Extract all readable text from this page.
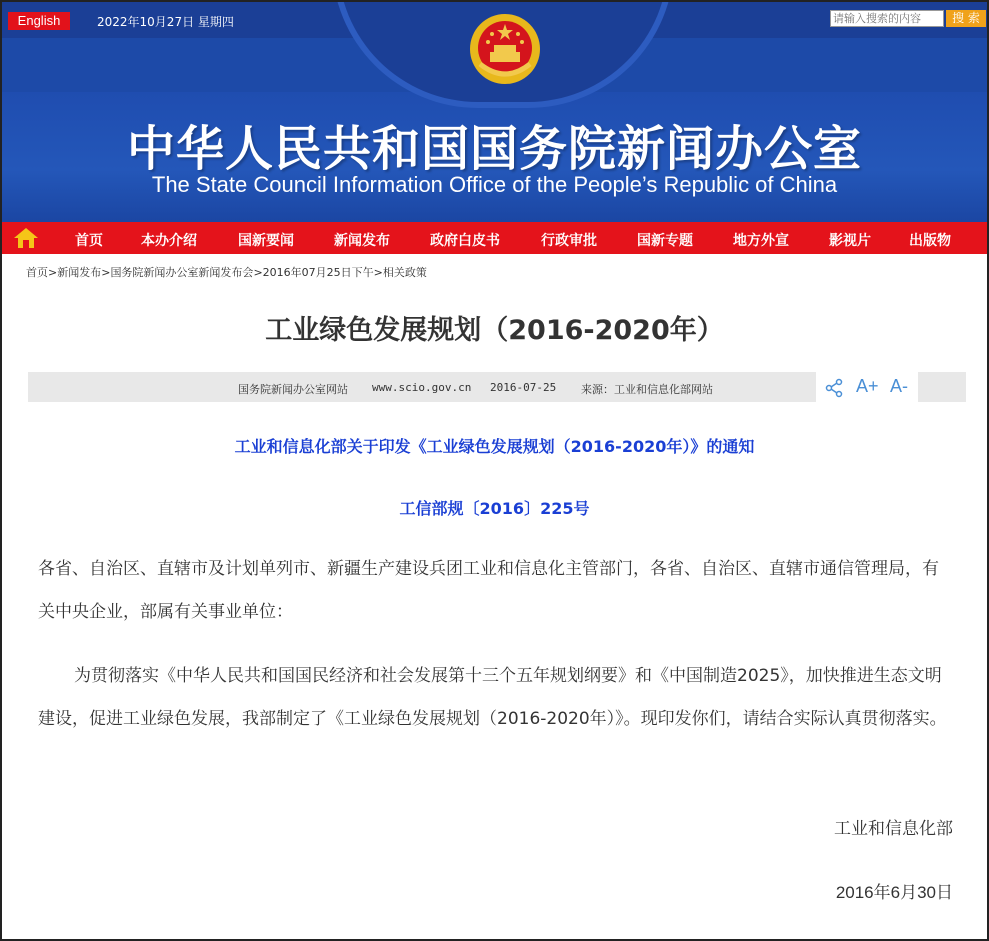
English	2022年10月27日 星期四
请输入搜索的内容	搜 索
中华人民共和国国务院新闻办公室
The State Council Information Office of the People’s Republic of China
首页	本办介绍	国新要闻	新闻发布	政府白皮书	行政审批	国新专题	地方外宣	影视片	出版物
首页>新闻发布>国务院新闻办公室新闻发布会>2016年07月25日下午>相关政策
工业绿色发展规划（2016-2020年）
国务院新闻办公室网站 www.scio.gov.cn 2016-07-25 来源：工业和信息化部网站	A+ A-
工业和信息化部关于印发《工业绿色发展规划（2016-2020年）》的通知
工信部规〔2016〕225号
各省、自治区、直辖市及计划单列市、新疆生产建设兵团工业和信息化主管部门，各省、自治区、直辖市通信管理局，有关中央企业，部属有关事业单位：
为贯彻落实《中华人民共和国国民经济和社会发展第十三个五年规划纲要》和《中国制造2025》，加快推进生态文明建设，促进工业绿色发展，我部制定了《工业绿色发展规划（2016-2020年）》。现印发你们，请结合实际认真贯彻落实。
工业和信息化部
2016年6月30日
